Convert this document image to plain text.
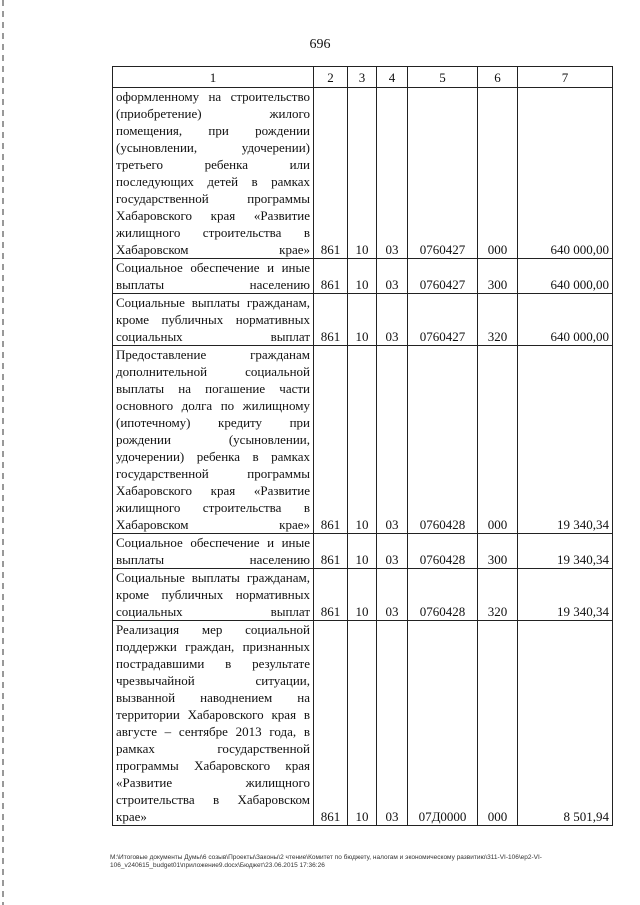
696
1	2	3	4	5	6	7
оформленному на строительство (приобретение) жилого помещения, при рождении (усыновлении, удочерении) третьего ребенка или последующих детей в рамках государственной программы Хабаровского края «Развитие жилищного строительства в Хабаровском крае»	861	10	03	0760427	000	640 000,00
Социальное обеспечение и иные выплаты населению	861	10	03	0760427	300	640 000,00
Социальные выплаты гражданам, кроме публичных нормативных социальных выплат	861	10	03	0760427	320	640 000,00
Предоставление гражданам дополнительной социальной выплаты на погашение части основного долга по жилищному (ипотечному) кредиту при рождении (усыновлении, удочерении) ребенка в рамках государственной программы Хабаровского края «Развитие жилищного строительства в Хабаровском крае»	861	10	03	0760428	000	19 340,34
Социальное обеспечение и иные выплаты населению	861	10	03	0760428	300	19 340,34
Социальные выплаты гражданам, кроме публичных нормативных социальных выплат	861	10	03	0760428	320	19 340,34
Реализация мер социальной поддержки граждан, признанных пострадавшими в результате чрезвычайной ситуации, вызванной наводнением на территории Хабаровского края в августе – сентябре 2013 года, в рамках государственной программы Хабаровского края «Развитие жилищного строительства в Хабаровском крае»	861	10	03	07Д0000	000	8 501,94
М:\Итоговые документы Думы\6 созыв\Проекты\Законы\2 чтение\Комитет по бюджету, налогам и экономическому развитию\311-VI-106\ер2-VI-106_v240615_budget01\приложение9.docx\Бюджет\23.06.2015 17:36:26
